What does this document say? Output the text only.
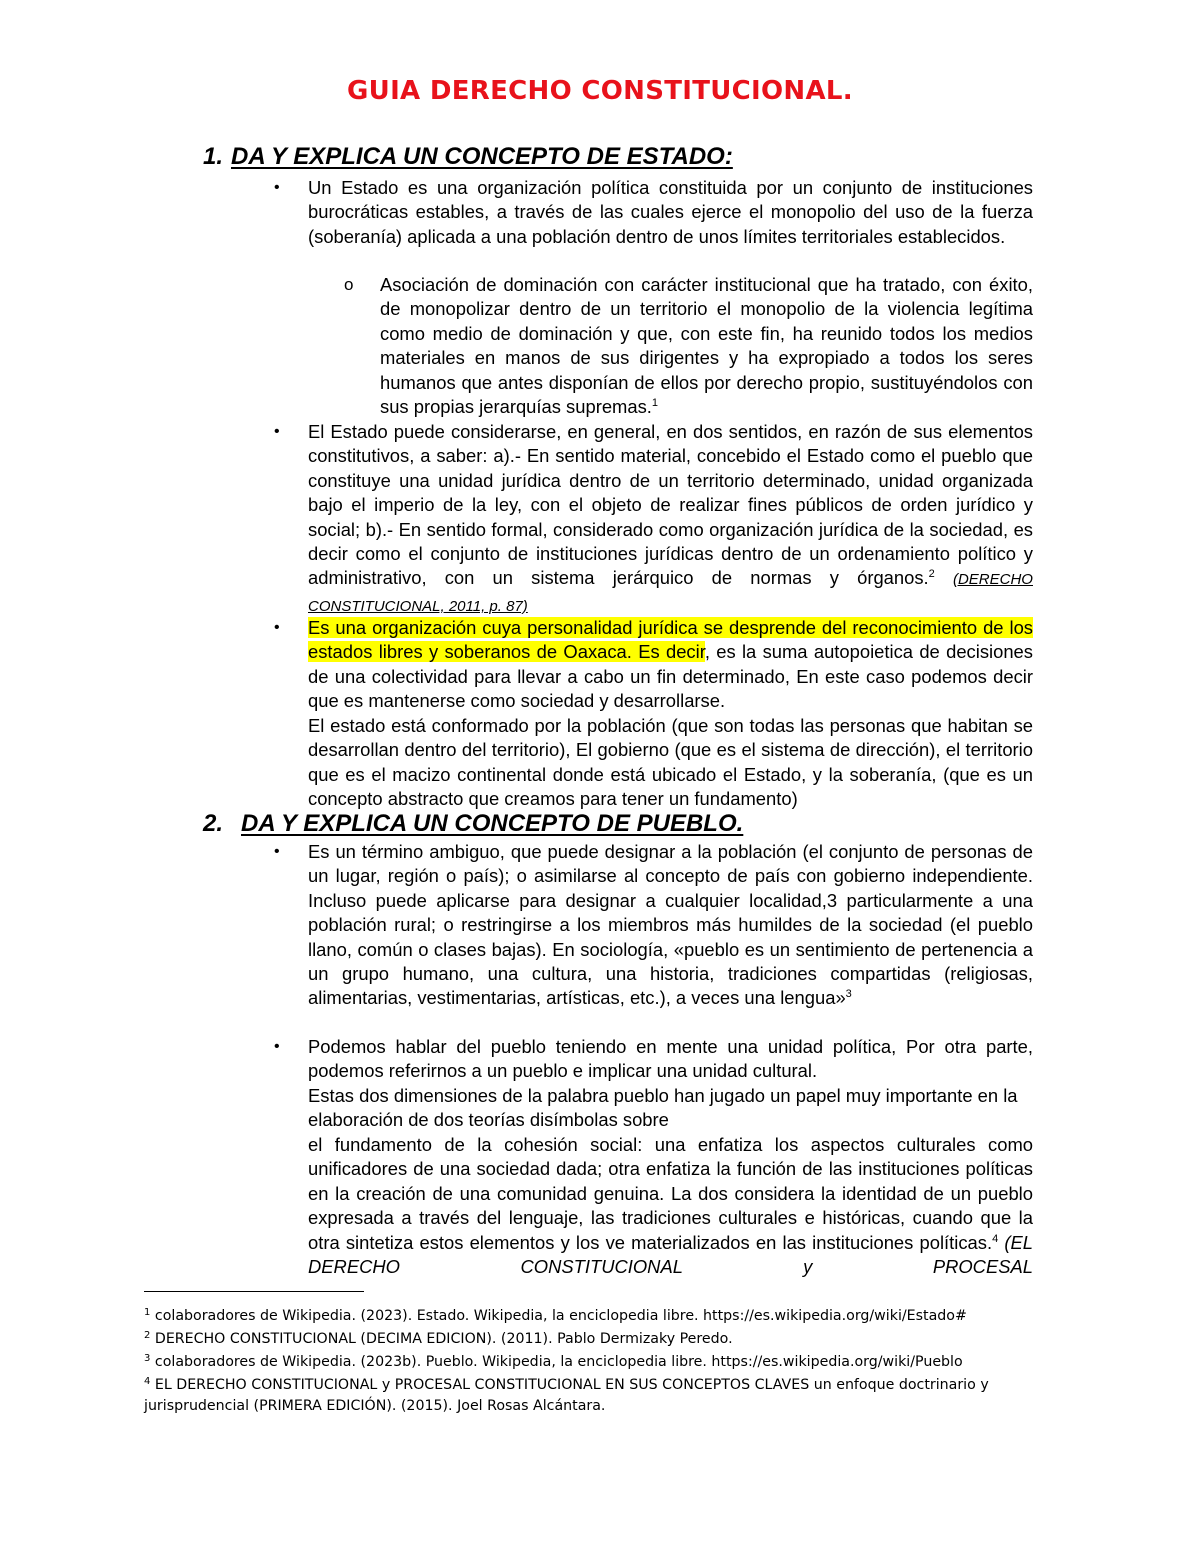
GUIA DERECHO CONSTITUCIONAL.
1. DA Y EXPLICA UN CONCEPTO DE ESTADO:
• Un Estado es una organización política constituida por un conjunto de instituciones burocráticas estables, a través de las cuales ejerce el monopolio del uso de la fuerza (soberanía) aplicada a una población dentro de unos límites territoriales establecidos.
o Asociación de dominación con carácter institucional que ha tratado, con éxito, de monopolizar dentro de un territorio el monopolio de la violencia legítima como medio de dominación y que, con este fin, ha reunido todos los medios materiales en manos de sus dirigentes y ha expropiado a todos los seres humanos que antes disponían de ellos por derecho propio, sustituyéndolos con sus propias jerarquías supremas.$^1$
• El Estado puede considerarse, en general, en dos sentidos, en razón de sus elementos constitutivos, a saber: a).- En sentido material, concebido el Estado como el pueblo que constituye una unidad jurídica dentro de un territorio determinado, unidad organizada bajo el imperio de la ley, con el objeto de realizar fines públicos de orden jurídico y social; b).- En sentido formal, considerado como organización jurídica de la sociedad, es decir como el conjunto de instituciones jurídicas dentro de un ordenamiento político y administrativo, con un sistema jerárquico de normas y órganos.$^2$ (DERECHO CONSTITUCIONAL, 2011, p. 87)
• Es una organización cuya personalidad jurídica se desprende del reconocimiento de los estados libres y soberanos de Oaxaca. Es decir, es la suma autopoietica de decisiones de una colectividad para llevar a cabo un fin determinado, En este caso podemos decir que es mantenerse como sociedad y desarrollarse.
El estado está conformado por la población (que son todas las personas que habitan se desarrollan dentro del territorio), El gobierno (que es el sistema de dirección), el territorio que es el macizo continental donde está ubicado el Estado, y la soberanía, (que es un concepto abstracto que creamos para tener un fundamento)
2. DA Y EXPLICA UN CONCEPTO DE PUEBLO.
• Es un término ambiguo, que puede designar a la población (el conjunto de personas de un lugar, región o país); o asimilarse al concepto de país con gobierno independiente. Incluso puede aplicarse para designar a cualquier localidad,3 particularmente a una población rural; o restringirse a los miembros más humildes de la sociedad (el pueblo llano, común o clases bajas). En sociología, «pueblo es un sentimiento de pertenencia a un grupo humano, una cultura, una historia, tradiciones compartidas (religiosas, alimentarias, vestimentarias, artísticas, etc.), a veces una lengua»$^3$
• Podemos hablar del pueblo teniendo en mente una unidad política, Por otra parte, podemos referirnos a un pueblo e implicar una unidad cultural.
Estas dos dimensiones de la palabra pueblo han jugado un papel muy importante en la elaboración de dos teorías disímbolas sobre
el fundamento de la cohesión social: una enfatiza los aspectos culturales como unificadores de una sociedad dada; otra enfatiza la función de las instituciones políticas en la creación de una comunidad genuina. La dos considera la identidad de un pueblo expresada a través del lenguaje, las tradiciones culturales e históricas, cuando que la otra sintetiza estos elementos y los ve materializados en las instituciones políticas.$^4$ (EL DERECHO CONSTITUCIONAL y PROCESAL
$^1$ colaboradores de Wikipedia. (2023). Estado. Wikipedia, la enciclopedia libre. https://es.wikipedia.org/wiki/Estado#
$^2$ DERECHO CONSTITUCIONAL (DECIMA EDICION). (2011). Pablo Dermizaky Peredo.
$^3$ colaboradores de Wikipedia. (2023b). Pueblo. Wikipedia, la enciclopedia libre. https://es.wikipedia.org/wiki/Pueblo
$^4$ EL DERECHO CONSTITUCIONAL y PROCESAL CONSTITUCIONAL EN SUS CONCEPTOS CLAVES un enfoque doctrinario y
jurisprudencial (PRIMERA EDICIÓN). (2015). Joel Rosas Alcántara.
